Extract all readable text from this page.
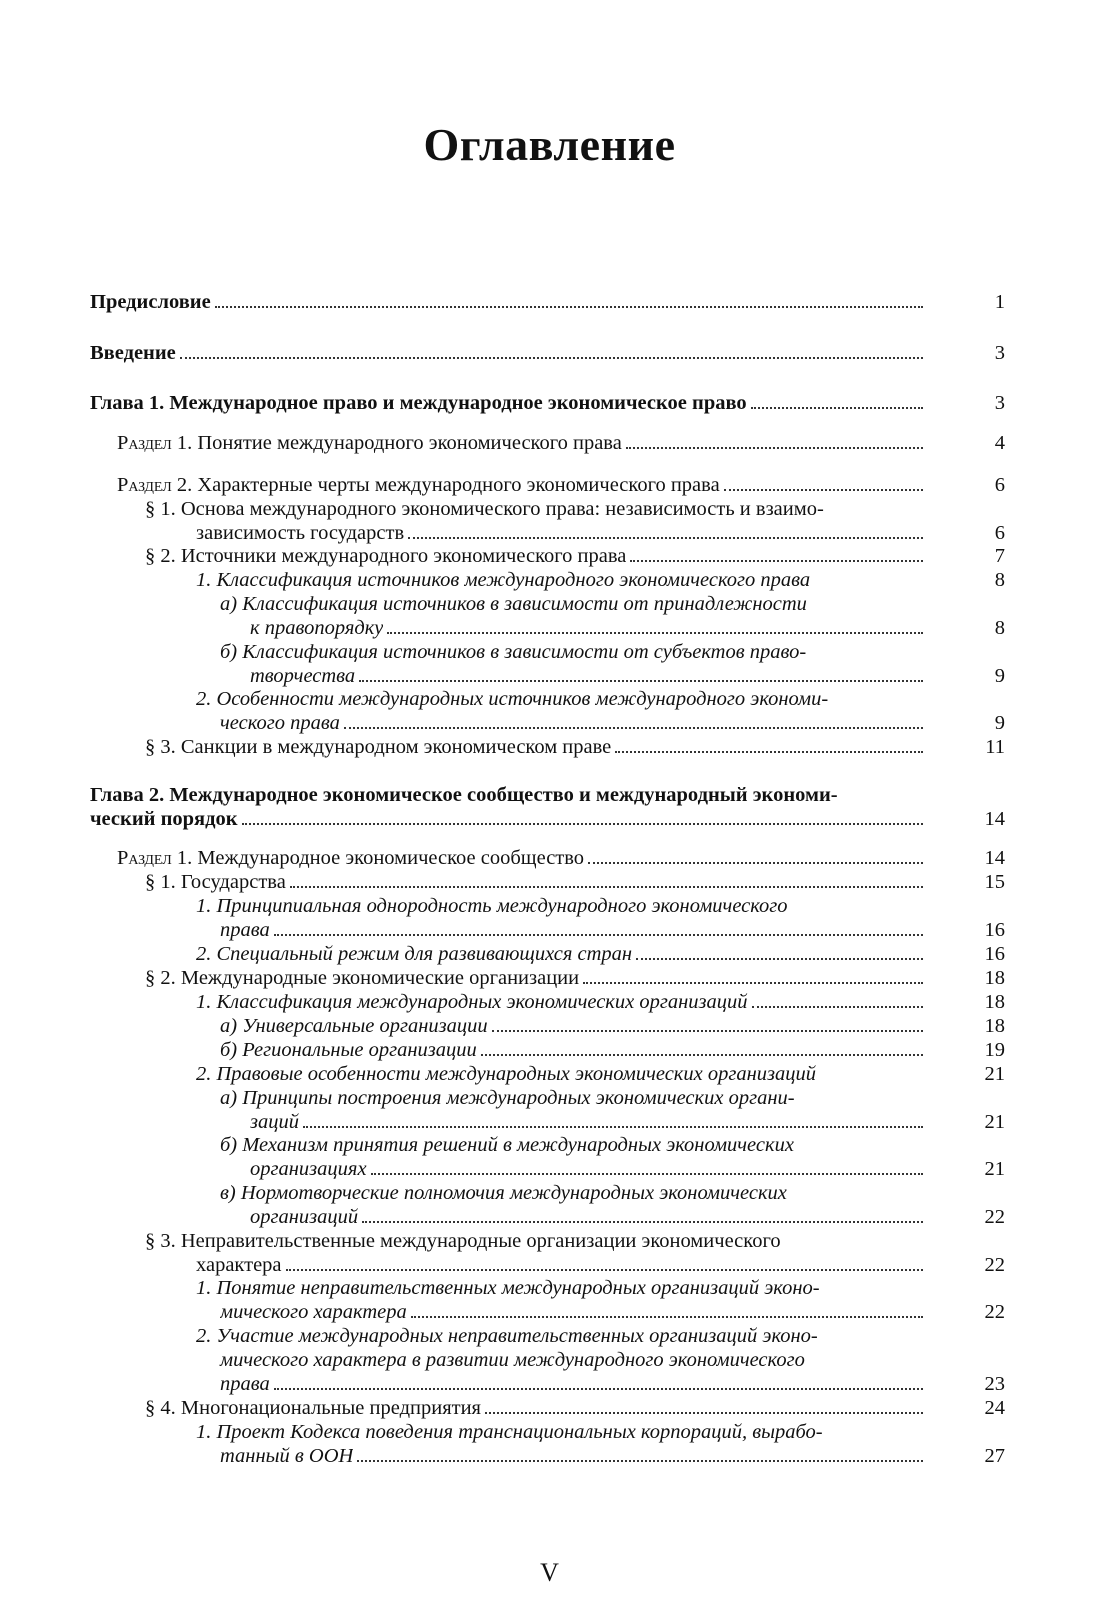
Оглавление
Предисловие	1
Введение	3
Глава 1. Международное право и международное экономическое право	3
Раздел 1. Понятие международного экономического права	4
Раздел 2. Характерные черты международного экономического права	6
§ 1. Основа международного экономического права: независимость и взаимо-
зависимость государств	6
§ 2. Источники международного экономического права	7
1. Классификация источников международного экономического права	8
а) Классификация источников в зависимости от принадлежности
к правопорядку	8
б) Классификация источников в зависимости от субъектов право-
творчества	9
2. Особенности международных источников международного экономи-
ческого права	9
§ 3. Санкции в международном экономическом праве	11
Глава 2. Международное экономическое сообщество и международный экономи-
ческий порядок	14
Раздел 1. Международное экономическое сообщество	14
§ 1. Государства	15
1. Принципиальная однородность международного экономического
права	16
2. Специальный режим для развивающихся стран	16
§ 2. Международные экономические организации	18
1. Классификация международных экономических организаций	18
а) Универсальные организации	18
б) Региональные организации	19
2. Правовые особенности международных экономических организаций	21
а) Принципы построения международных экономических органи-
заций	21
б) Механизм принятия решений в международных экономических
организациях	21
в) Нормотворческие полномочия международных экономических
организаций	22
§ 3. Неправительственные международные организации экономического
характера	22
1. Понятие неправительственных международных организаций эконо-
мического характера	22
2. Участие международных неправительственных организаций эконо-
мического характера в развитии международного экономического
права	23
§ 4. Многонациональные предприятия	24
1. Проект Кодекса поведения транснациональных корпораций, вырабо-
танный в ООН	27
V
